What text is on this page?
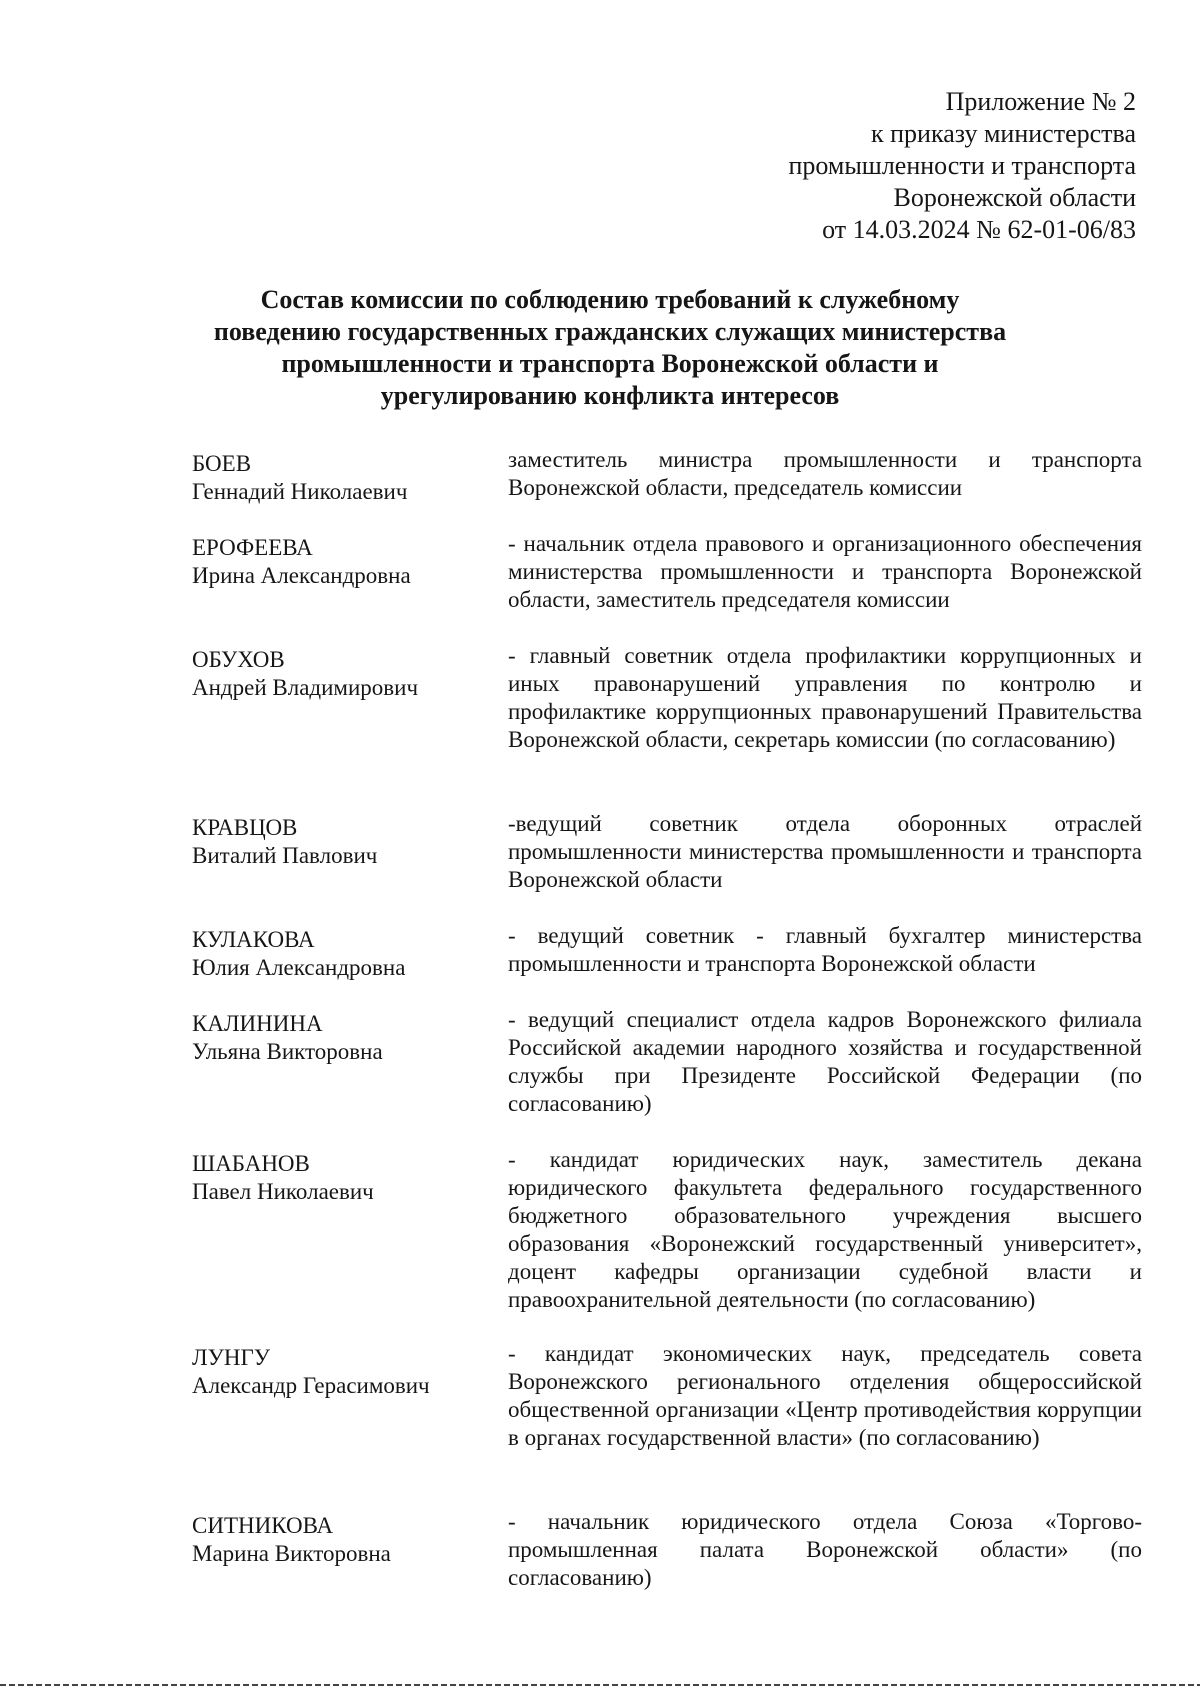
Приложение № 2
к приказу министерства
промышленности и транспорта
Воронежской области
от 14.03.2024 № 62-01-06/83
Состав комиссии по соблюдению требований к служебному
поведению государственных гражданских служащих министерства
промышленности и транспорта Воронежской области и
урегулированию конфликта интересов
БОЕВ
Геннадий Николаевич
заместитель министра промышленности и транспорта Воронежской области, председатель комиссии
ЕРОФЕЕВА
Ирина Александровна
- начальник отдела правового и организационного обеспечения министерства промышленности и транспорта Воронежской области, заместитель председателя комиссии
ОБУХОВ
Андрей Владимирович
- главный советник отдела профилактики коррупционных и иных правонарушений управления по контролю и профилактике коррупционных правонарушений Правительства Воронежской области, секретарь комиссии (по согласованию)
КРАВЦОВ
Виталий Павлович
-ведущий советник отдела оборонных отраслей промышленности министерства промышленности и транспорта Воронежской области
КУЛАКОВА
Юлия Александровна
- ведущий советник - главный бухгалтер министерства промышленности и транспорта Воронежской области
КАЛИНИНА
Ульяна Викторовна
- ведущий специалист отдела кадров Воронежского филиала Российской академии народного хозяйства и государственной службы при Президенте Российской Федерации (по согласованию)
ШАБАНОВ
Павел Николаевич
- кандидат юридических наук, заместитель декана юридического факультета федерального государственного бюджетного образовательного учреждения высшего образования «Воронежский государственный университет», доцент кафедры организации судебной власти и правоохранительной деятельности (по согласованию)
ЛУНГУ
Александр Герасимович
- кандидат экономических наук, председатель совета Воронежского регионального отделения общероссийской общественной организации «Центр противодействия коррупции в органах государственной власти» (по согласованию)
СИТНИКОВА
Марина Викторовна
- начальник юридического отдела Союза «Торгово-промышленная палата Воронежской области» (по согласованию)
